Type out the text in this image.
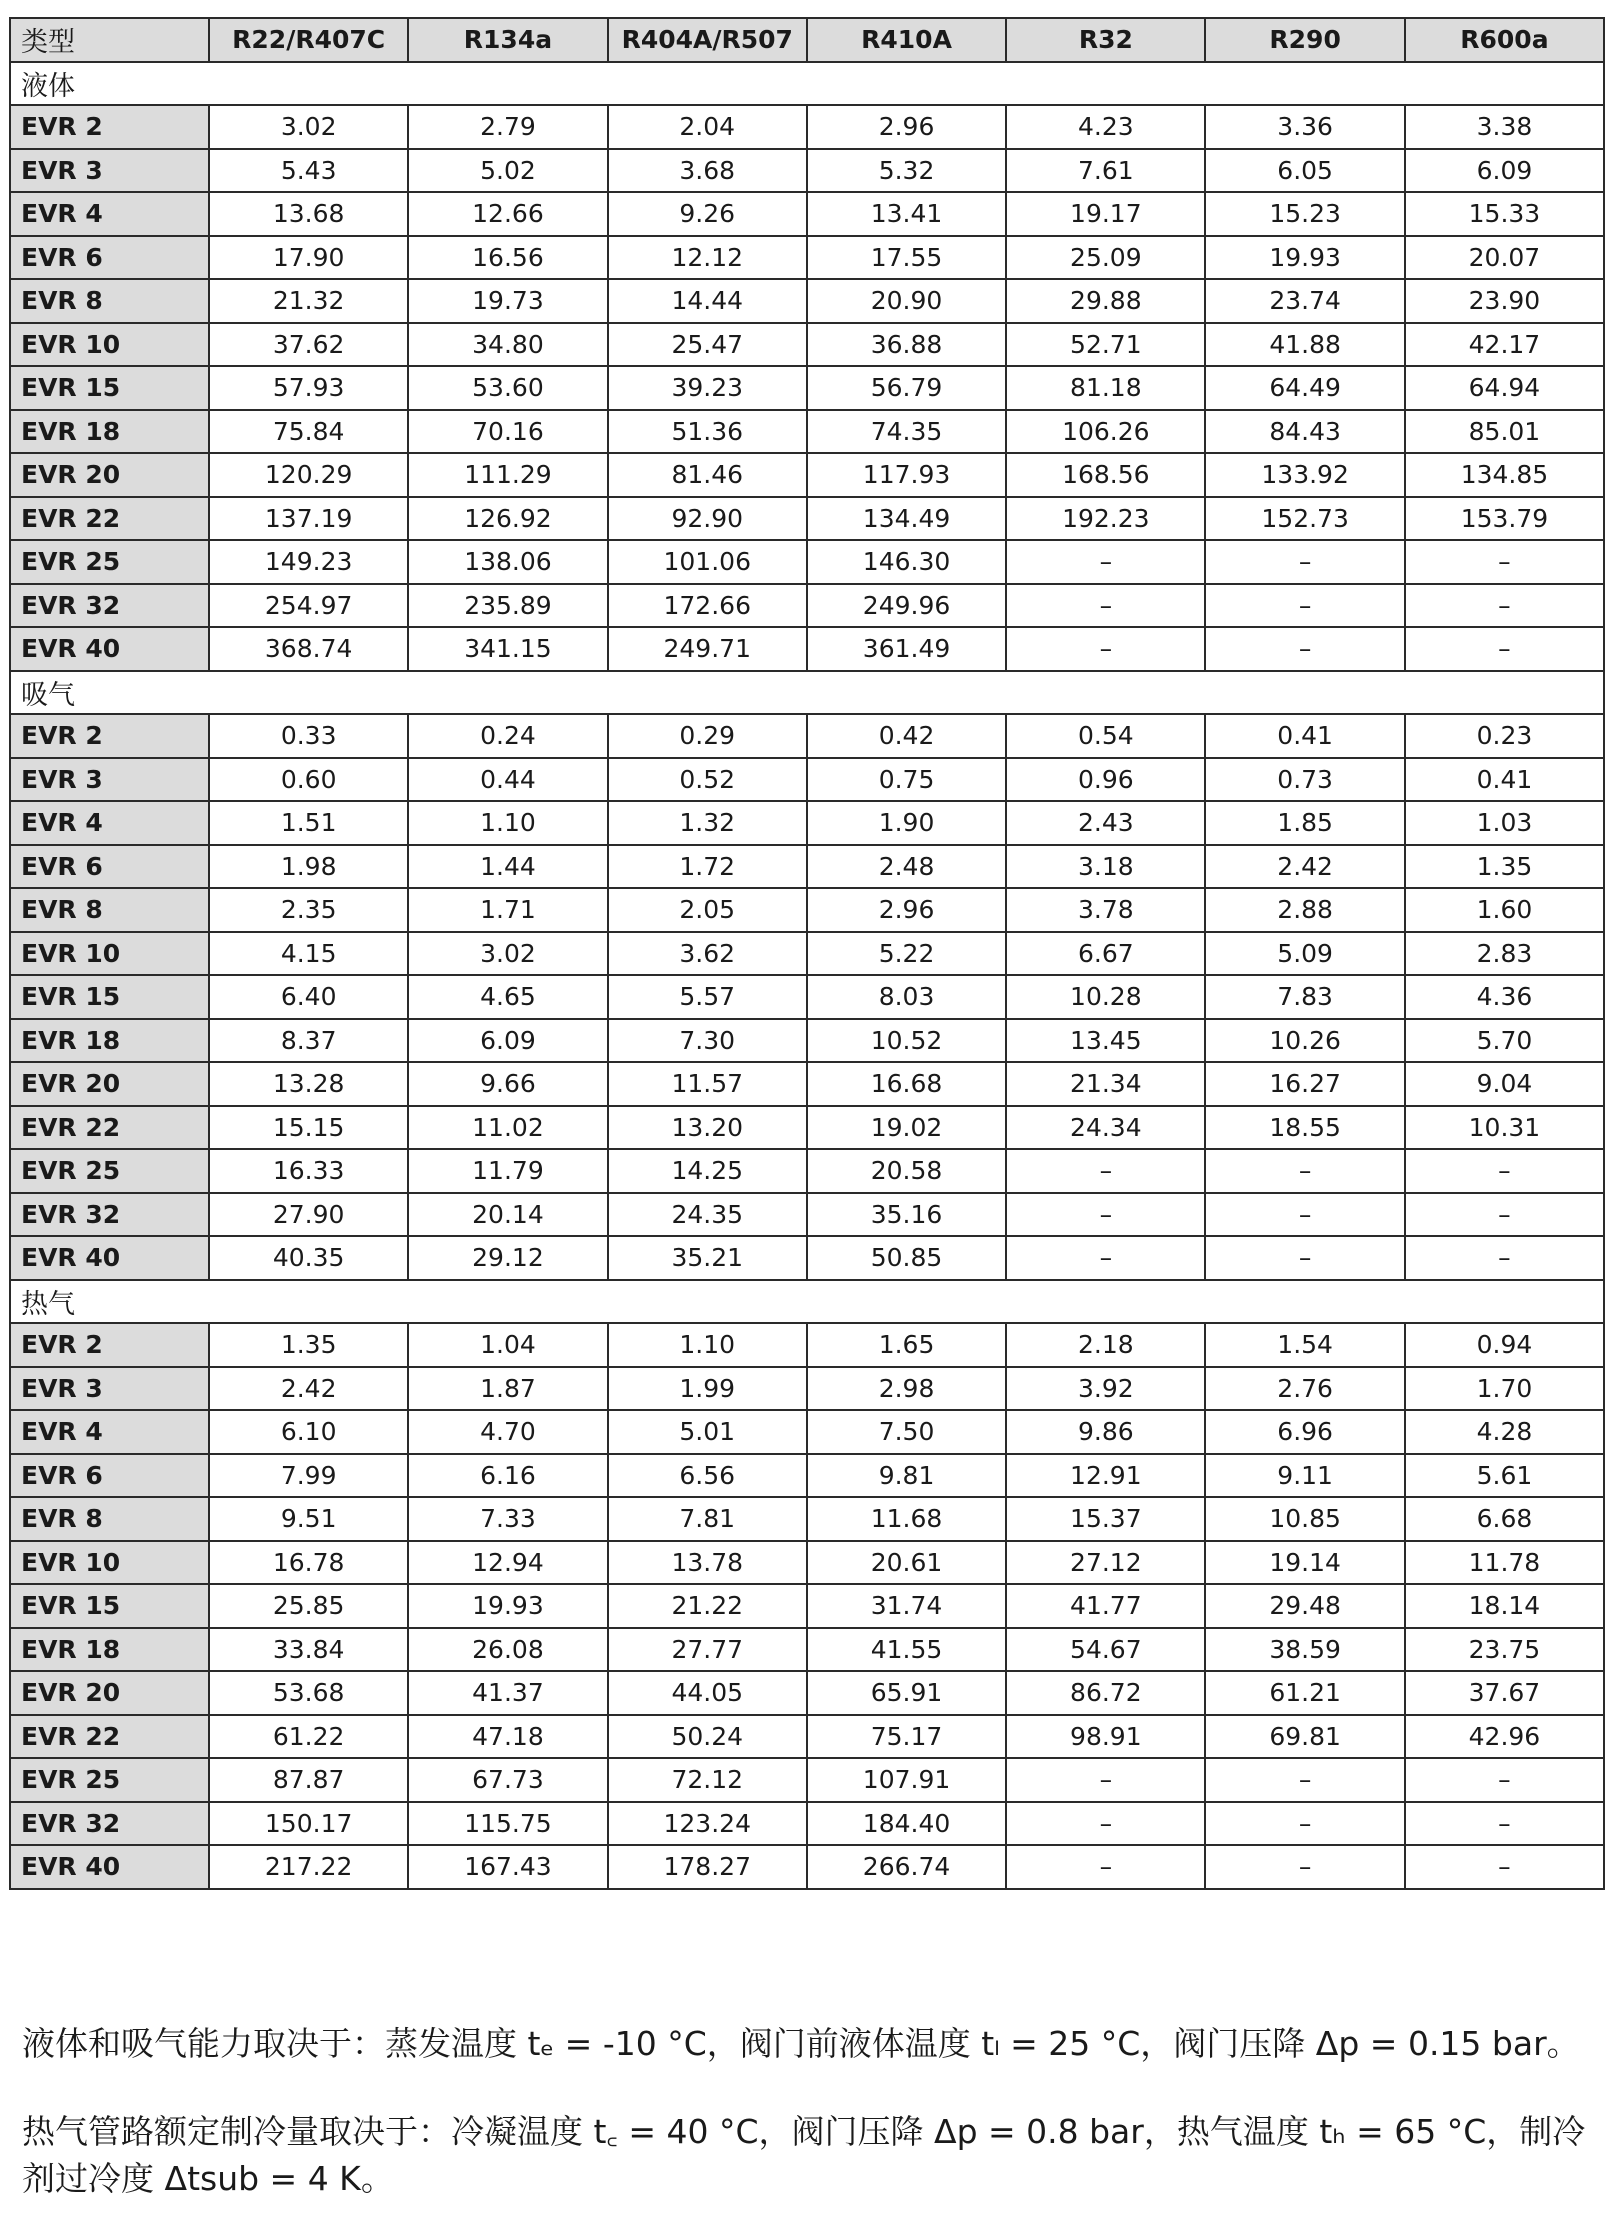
类型	R22/R407C	R134a	R404A/R507	R410A	R32	R290	R600a
液体							
EVR 2	3.02	2.79	2.04	2.96	4.23	3.36	3.38
EVR 3	5.43	5.02	3.68	5.32	7.61	6.05	6.09
EVR 4	13.68	12.66	9.26	13.41	19.17	15.23	15.33
EVR 6	17.90	16.56	12.12	17.55	25.09	19.93	20.07
EVR 8	21.32	19.73	14.44	20.90	29.88	23.74	23.90
EVR 10	37.62	34.80	25.47	36.88	52.71	41.88	42.17
EVR 15	57.93	53.60	39.23	56.79	81.18	64.49	64.94
EVR 18	75.84	70.16	51.36	74.35	106.26	84.43	85.01
EVR 20	120.29	111.29	81.46	117.93	168.56	133.92	134.85
EVR 22	137.19	126.92	92.90	134.49	192.23	152.73	153.79
EVR 25	149.23	138.06	101.06	146.30	–	–	–
EVR 32	254.97	235.89	172.66	249.96	–	–	–
EVR 40	368.74	341.15	249.71	361.49	–	–	–
吸气							
EVR 2	0.33	0.24	0.29	0.42	0.54	0.41	0.23
EVR 3	0.60	0.44	0.52	0.75	0.96	0.73	0.41
EVR 4	1.51	1.10	1.32	1.90	2.43	1.85	1.03
EVR 6	1.98	1.44	1.72	2.48	3.18	2.42	1.35
EVR 8	2.35	1.71	2.05	2.96	3.78	2.88	1.60
EVR 10	4.15	3.02	3.62	5.22	6.67	5.09	2.83
EVR 15	6.40	4.65	5.57	8.03	10.28	7.83	4.36
EVR 18	8.37	6.09	7.30	10.52	13.45	10.26	5.70
EVR 20	13.28	9.66	11.57	16.68	21.34	16.27	9.04
EVR 22	15.15	11.02	13.20	19.02	24.34	18.55	10.31
EVR 25	16.33	11.79	14.25	20.58	–	–	–
EVR 32	27.90	20.14	24.35	35.16	–	–	–
EVR 40	40.35	29.12	35.21	50.85	–	–	–
热气							
EVR 2	1.35	1.04	1.10	1.65	2.18	1.54	0.94
EVR 3	2.42	1.87	1.99	2.98	3.92	2.76	1.70
EVR 4	6.10	4.70	5.01	7.50	9.86	6.96	4.28
EVR 6	7.99	6.16	6.56	9.81	12.91	9.11	5.61
EVR 8	9.51	7.33	7.81	11.68	15.37	10.85	6.68
EVR 10	16.78	12.94	13.78	20.61	27.12	19.14	11.78
EVR 15	25.85	19.93	21.22	31.74	41.77	29.48	18.14
EVR 18	33.84	26.08	27.77	41.55	54.67	38.59	23.75
EVR 20	53.68	41.37	44.05	65.91	86.72	61.21	37.67
EVR 22	61.22	47.18	50.24	75.17	98.91	69.81	42.96
EVR 25	87.87	67.73	72.12	107.91	–	–	–
EVR 32	150.17	115.75	123.24	184.40	–	–	–
EVR 40	217.22	167.43	178.27	266.74	–	–	–

液体和吸气能力取决于：蒸发温度 tₑ = -10 °C，阀门前液体温度 tₗ = 25 °C，阀门压降 Δp = 0.15 bar。

热气管路额定制冷量取决于：冷凝温度 t꜀ = 40 °C，阀门压降 Δp = 0.8 bar，热气温度 tₕ = 65 °C，制冷剂过冷度 Δtsub = 4 K。
